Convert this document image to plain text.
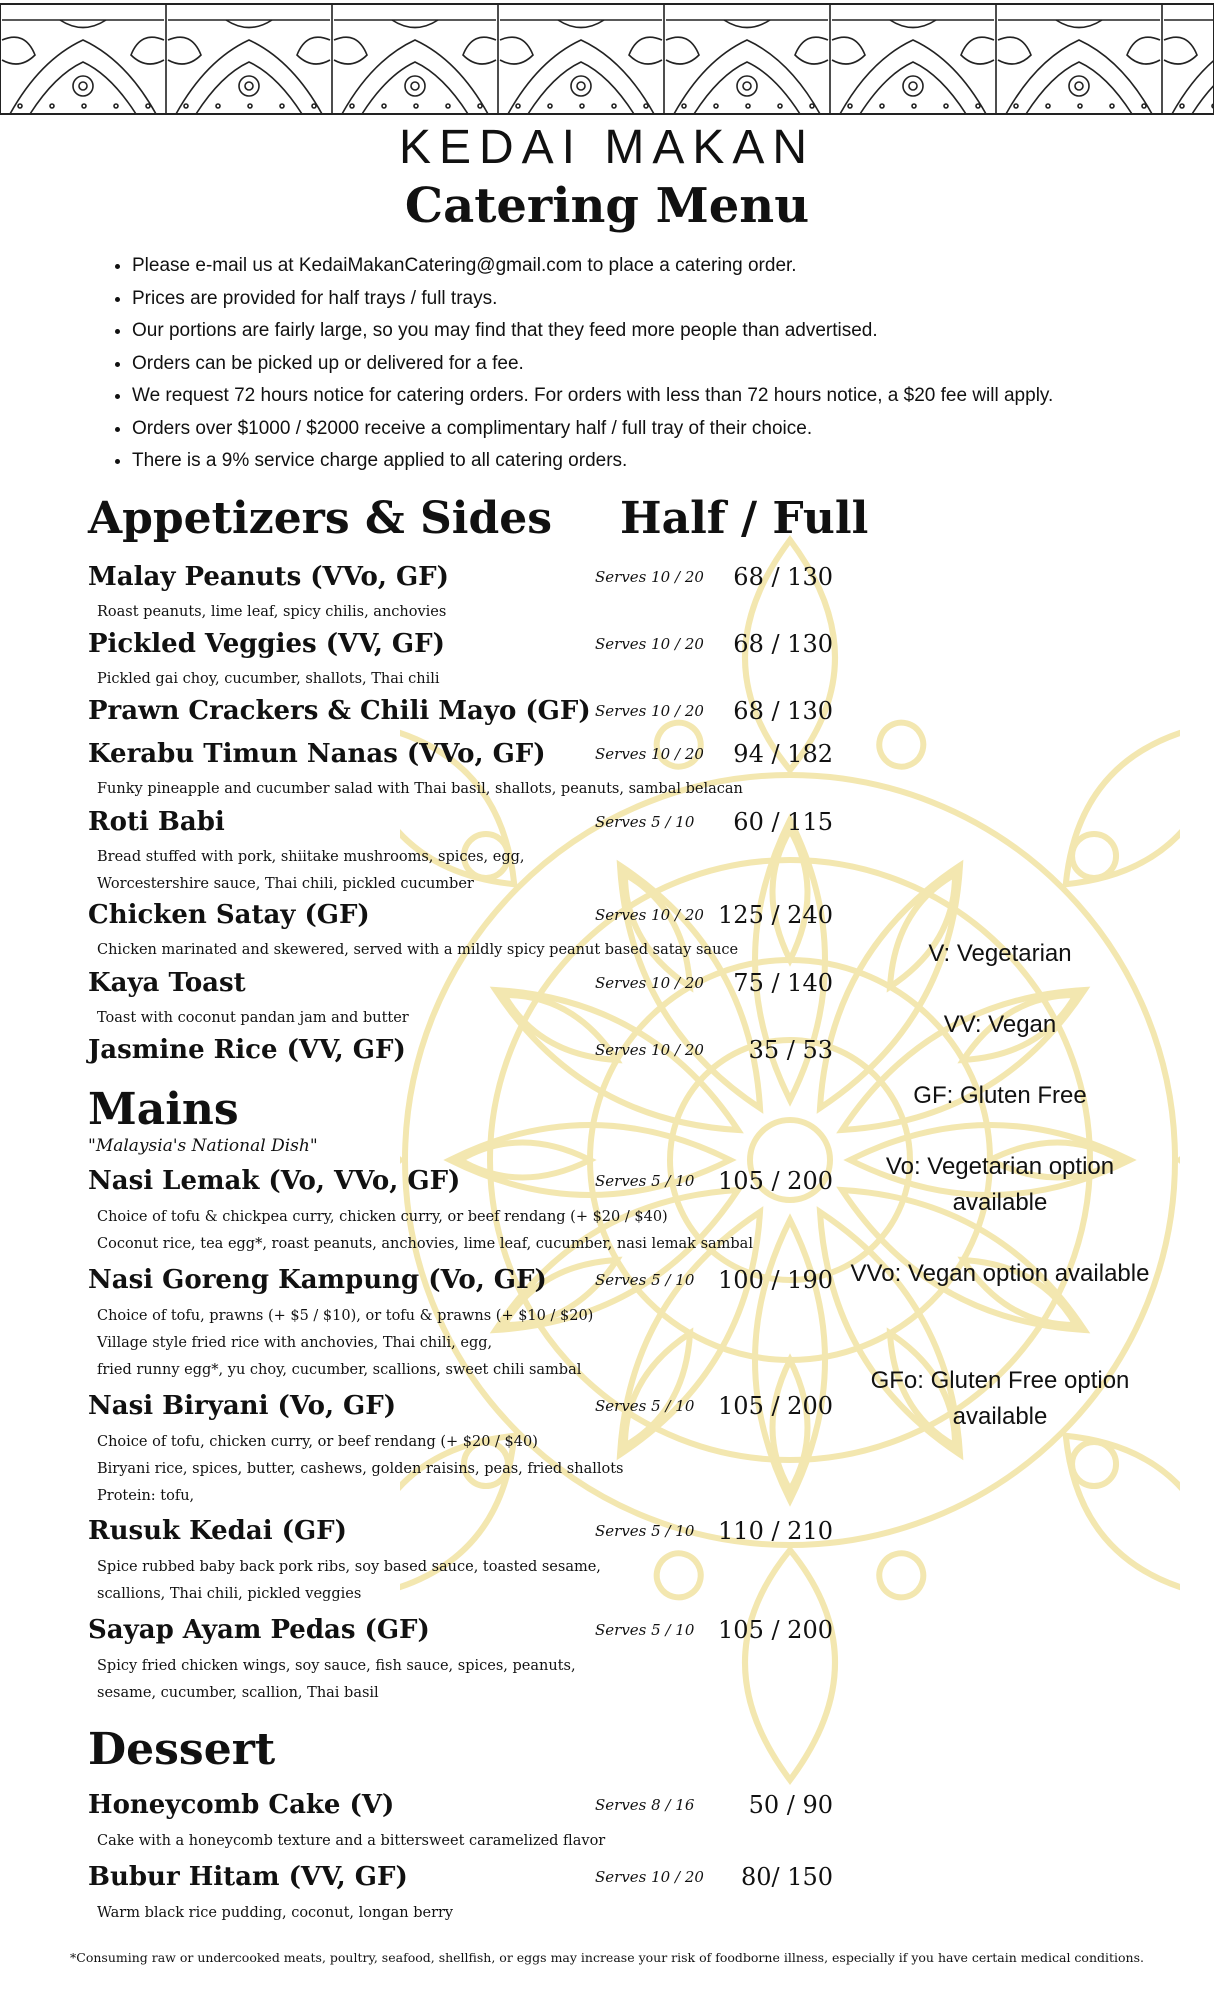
KEDAI MAKAN
Catering Menu
• Please e-mail us at KedaiMakanCatering@gmail.com to place a catering order.
• Prices are provided for half trays / full trays.
• Our portions are fairly large, so you may find that they feed more people than advertised.
• Orders can be picked up or delivered for a fee.
• We request 72 hours notice for catering orders. For orders with less than 72 hours notice, a $20 fee will apply.
• Orders over $1000 / $2000 receive a complimentary half / full tray of their choice.
• There is a 9% service charge applied to all catering orders.
Appetizers & Sides Half / Full
Malay Peanuts (VVo, GF)	Serves 10 / 20	68 / 130
Roast peanuts, lime leaf, spicy chilis, anchovies
Pickled Veggies (VV, GF)	Serves 10 / 20	68 / 130
Pickled gai choy, cucumber, shallots, Thai chili
Prawn Crackers & Chili Mayo (GF) Serves 10 / 20	68 / 130
Kerabu Timun Nanas (VVo, GF)	Serves 10 / 20	94 / 182
Funky pineapple and cucumber salad with Thai basil, shallots, peanuts, sambal belacan
Roti Babi	Serves 5 / 10	60 / 115
Bread stuffed with pork, shiitake mushrooms, spices, egg,
Worcestershire sauce, Thai chili, pickled cucumber
Chicken Satay (GF)	Serves 10 / 20 125 / 240
Chicken marinated and skewered, served with a mildly spicy peanut based satay sauce
Kaya Toast	Serves 10 / 20	75 / 140
Toast with coconut pandan jam and butter
Jasmine Rice (VV, GF)	Serves 10 / 20	35 / 53
Nasi Lemak (Vo, VVo, GF)	Serves 5 / 10 105 / 200
Choice of tofu & chickpea curry, chicken curry, or beef rendang (+ $20 / $40)
Coconut rice, tea egg*, roast peanuts, anchovies, lime leaf, cucumber, nasi lemak sambal
Nasi Goreng Kampung (Vo, GF)	Serves 5 / 10 100 / 190
Choice of tofu, prawns (+ $5 / $10), or tofu & prawns (+ $10 / $20)
Village style fried rice with anchovies, Thai chili, egg,
fried runny egg*, yu choy, cucumber, scallions, sweet chili sambal
Nasi Biryani (Vo, GF)	Serves 5 / 10 105 / 200
Choice of tofu, chicken curry, or beef rendang (+ $20 / $40)
Biryani rice, spices, butter, cashews, golden raisins, peas, fried shallots
Protein: tofu,
Rusuk Kedai (GF)	Serves 5 / 10 110 / 210
Spice rubbed baby back pork ribs, soy based sauce, toasted sesame,
scallions, Thai chili, pickled veggies
Sayap Ayam Pedas (GF)	Serves 5 / 10 105 / 200
Spicy fried chicken wings, soy sauce, fish sauce, spices, peanuts,
sesame, cucumber, scallion, Thai basil
Honeycomb Cake (V)	Serves 8 / 16	50 / 90
Cake with a honeycomb texture and a bittersweet caramelized flavor
Bubur Hitam (VV, GF)	Serves 10 / 20	80/ 150
Warm black rice pudding, coconut, longan berry
Mains
"Malaysia's National Dish"
Dessert
V: Vegetarian
VV: Vegan
GF: Gluten Free
Vo: Vegetarian option available
VVo: Vegan option available
GFo: Gluten Free option available
*Consuming raw or undercooked meats, poultry, seafood, shellfish, or eggs may increase your risk of foodborne illness, especially if you have certain medical conditions.
